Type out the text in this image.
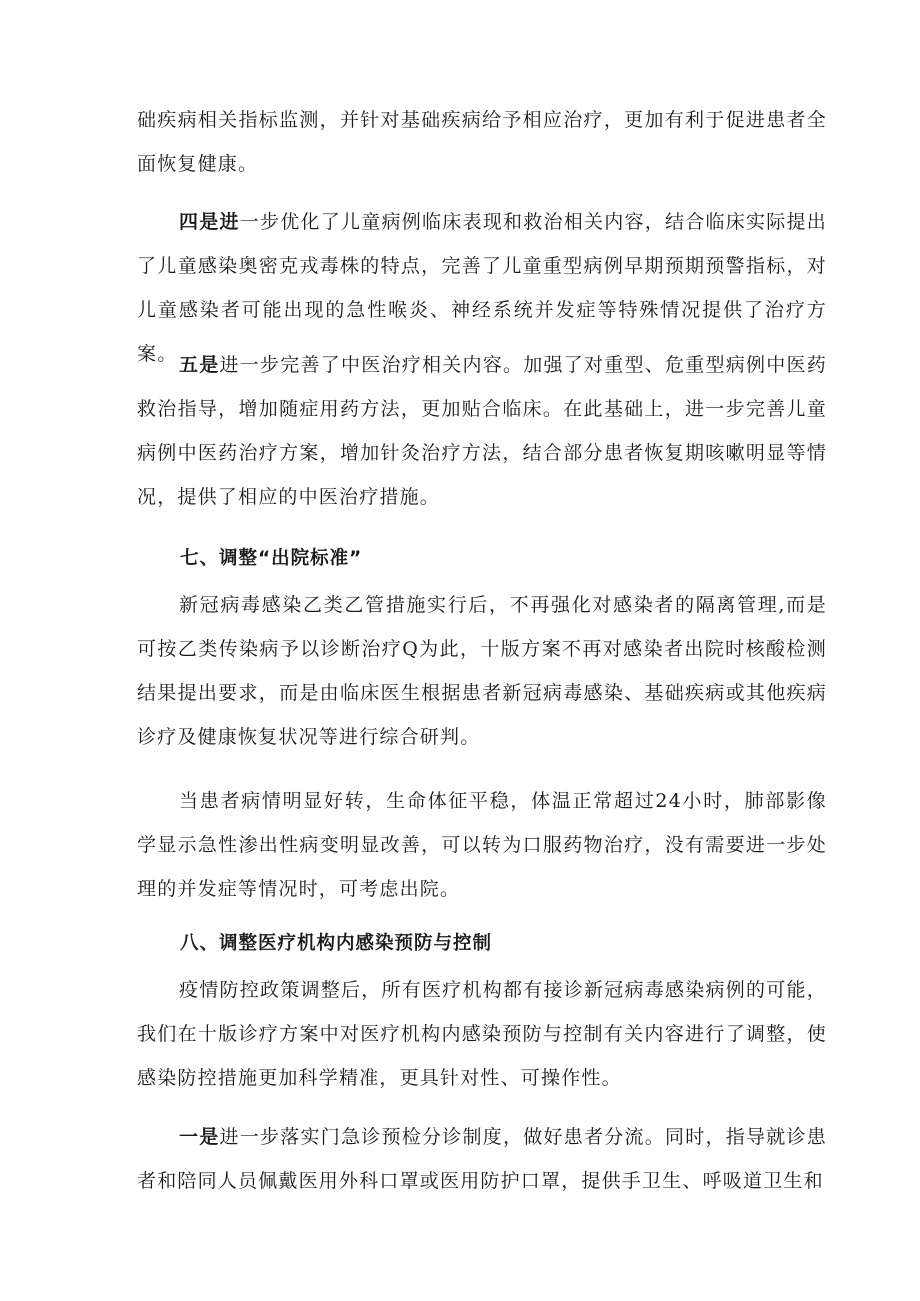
础疾病相关指标监测，并针对基础疾病给予相应治疗，更加有利于促进患者全面恢复健康。

四是进一步优化了儿童病例临床表现和救治相关内容，结合临床实际提出了儿童感染奥密克戎毒株的特点，完善了儿童重型病例早期预期预警指标，对儿童感染者可能出现的急性喉炎、神经系统并发症等特殊情况提供了治疗方案。 五是进一步完善了中医治疗相关内容。加强了对重型、危重型病例中医药救治指导，增加随症用药方法，更加贴合临床。在此基础上，进一步完善儿童病例中医药治疗方案，增加针灸治疗方法，结合部分患者恢复期咳嗽明显等情况，提供了相应的中医治疗措施。

七、调整“出院标准”

新冠病毒感染乙类乙管措施实行后，不再强化对感染者的隔离管理,而是可按乙类传染病予以诊断治疗Q为此，十版方案不再对感染者出院时核酸检测结果提出要求，而是由临床医生根据患者新冠病毒感染、基础疾病或其他疾病诊疗及健康恢复状况等进行综合研判。

当患者病情明显好转，生命体征平稳，体温正常超过24小时，肺部影像学显示急性渗出性病变明显改善，可以转为口服药物治疗，没有需要进一步处理的并发症等情况时，可考虑出院。

八、调整医疗机构内感染预防与控制

疫情防控政策调整后，所有医疗机构都有接诊新冠病毒感染病例的可能，我们在十版诊疗方案中对医疗机构内感染预防与控制有关内容进行了调整，使感染防控措施更加科学精准，更具针对性、可操作性。

一是进一步落实门急诊预检分诊制度，做好患者分流。同时，指导就诊患者和陪同人员佩戴医用外科口罩或医用防护口罩，提供手卫生、呼吸道卫生和
